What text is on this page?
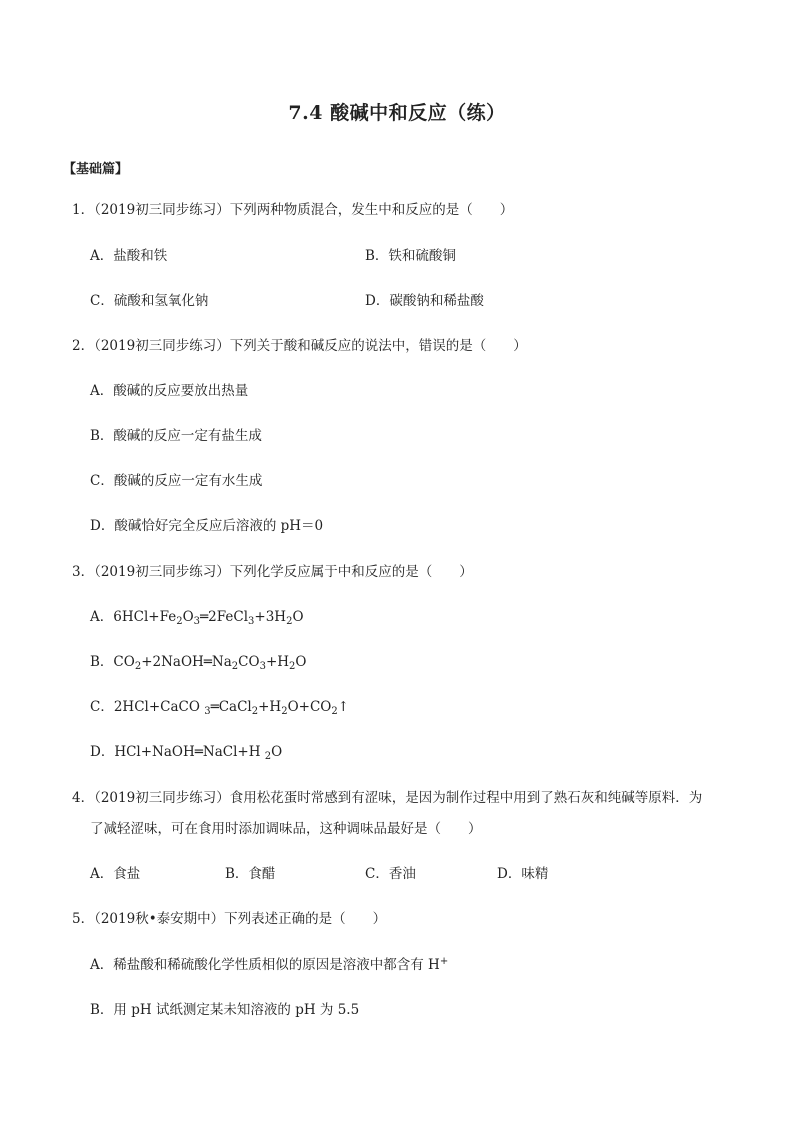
7.4 酸碱中和反应（练）
【基础篇】
1．（2019初三同步练习）下列两种物质混合，发生中和反应的是（　　）
A．盐酸和铁	B．铁和硫酸铜
C．硫酸和氢氧化钠	D．碳酸钠和稀盐酸
2．（2019初三同步练习）下列关于酸和碱反应的说法中，错误的是（　　）
A．酸碱的反应要放出热量
B．酸碱的反应一定有盐生成
C．酸碱的反应一定有水生成
D．酸碱恰好完全反应后溶液的 pH＝0
3．（2019初三同步练习）下列化学反应属于中和反应的是（　　）
A．$6HCl+Fe_2O_3═2FeCl_3+3H_2O$
B．$CO_2+2NaOH═Na_2CO_3+H_2O$
C．2HCl+CaCO $_3═CaCl_2+H_2O+CO_2↑$
D．HCl+NaOH═NaCl+H $_2$O
4．（2019初三同步练习）食用松花蛋时常感到有涩味，是因为制作过程中用到了熟石灰和纯碱等原料．为
了减轻涩味，可在食用时添加调味品，这种调味品最好是（　　）
A．食盐	B．食醋	C．香油	D．味精
5．（2019秋•泰安期中）下列表述正确的是（　　）
A．稀盐酸和稀硫酸化学性质相似的原因是溶液中都含有 H+
B．用 pH 试纸测定某未知溶液的 pH 为 5.5
